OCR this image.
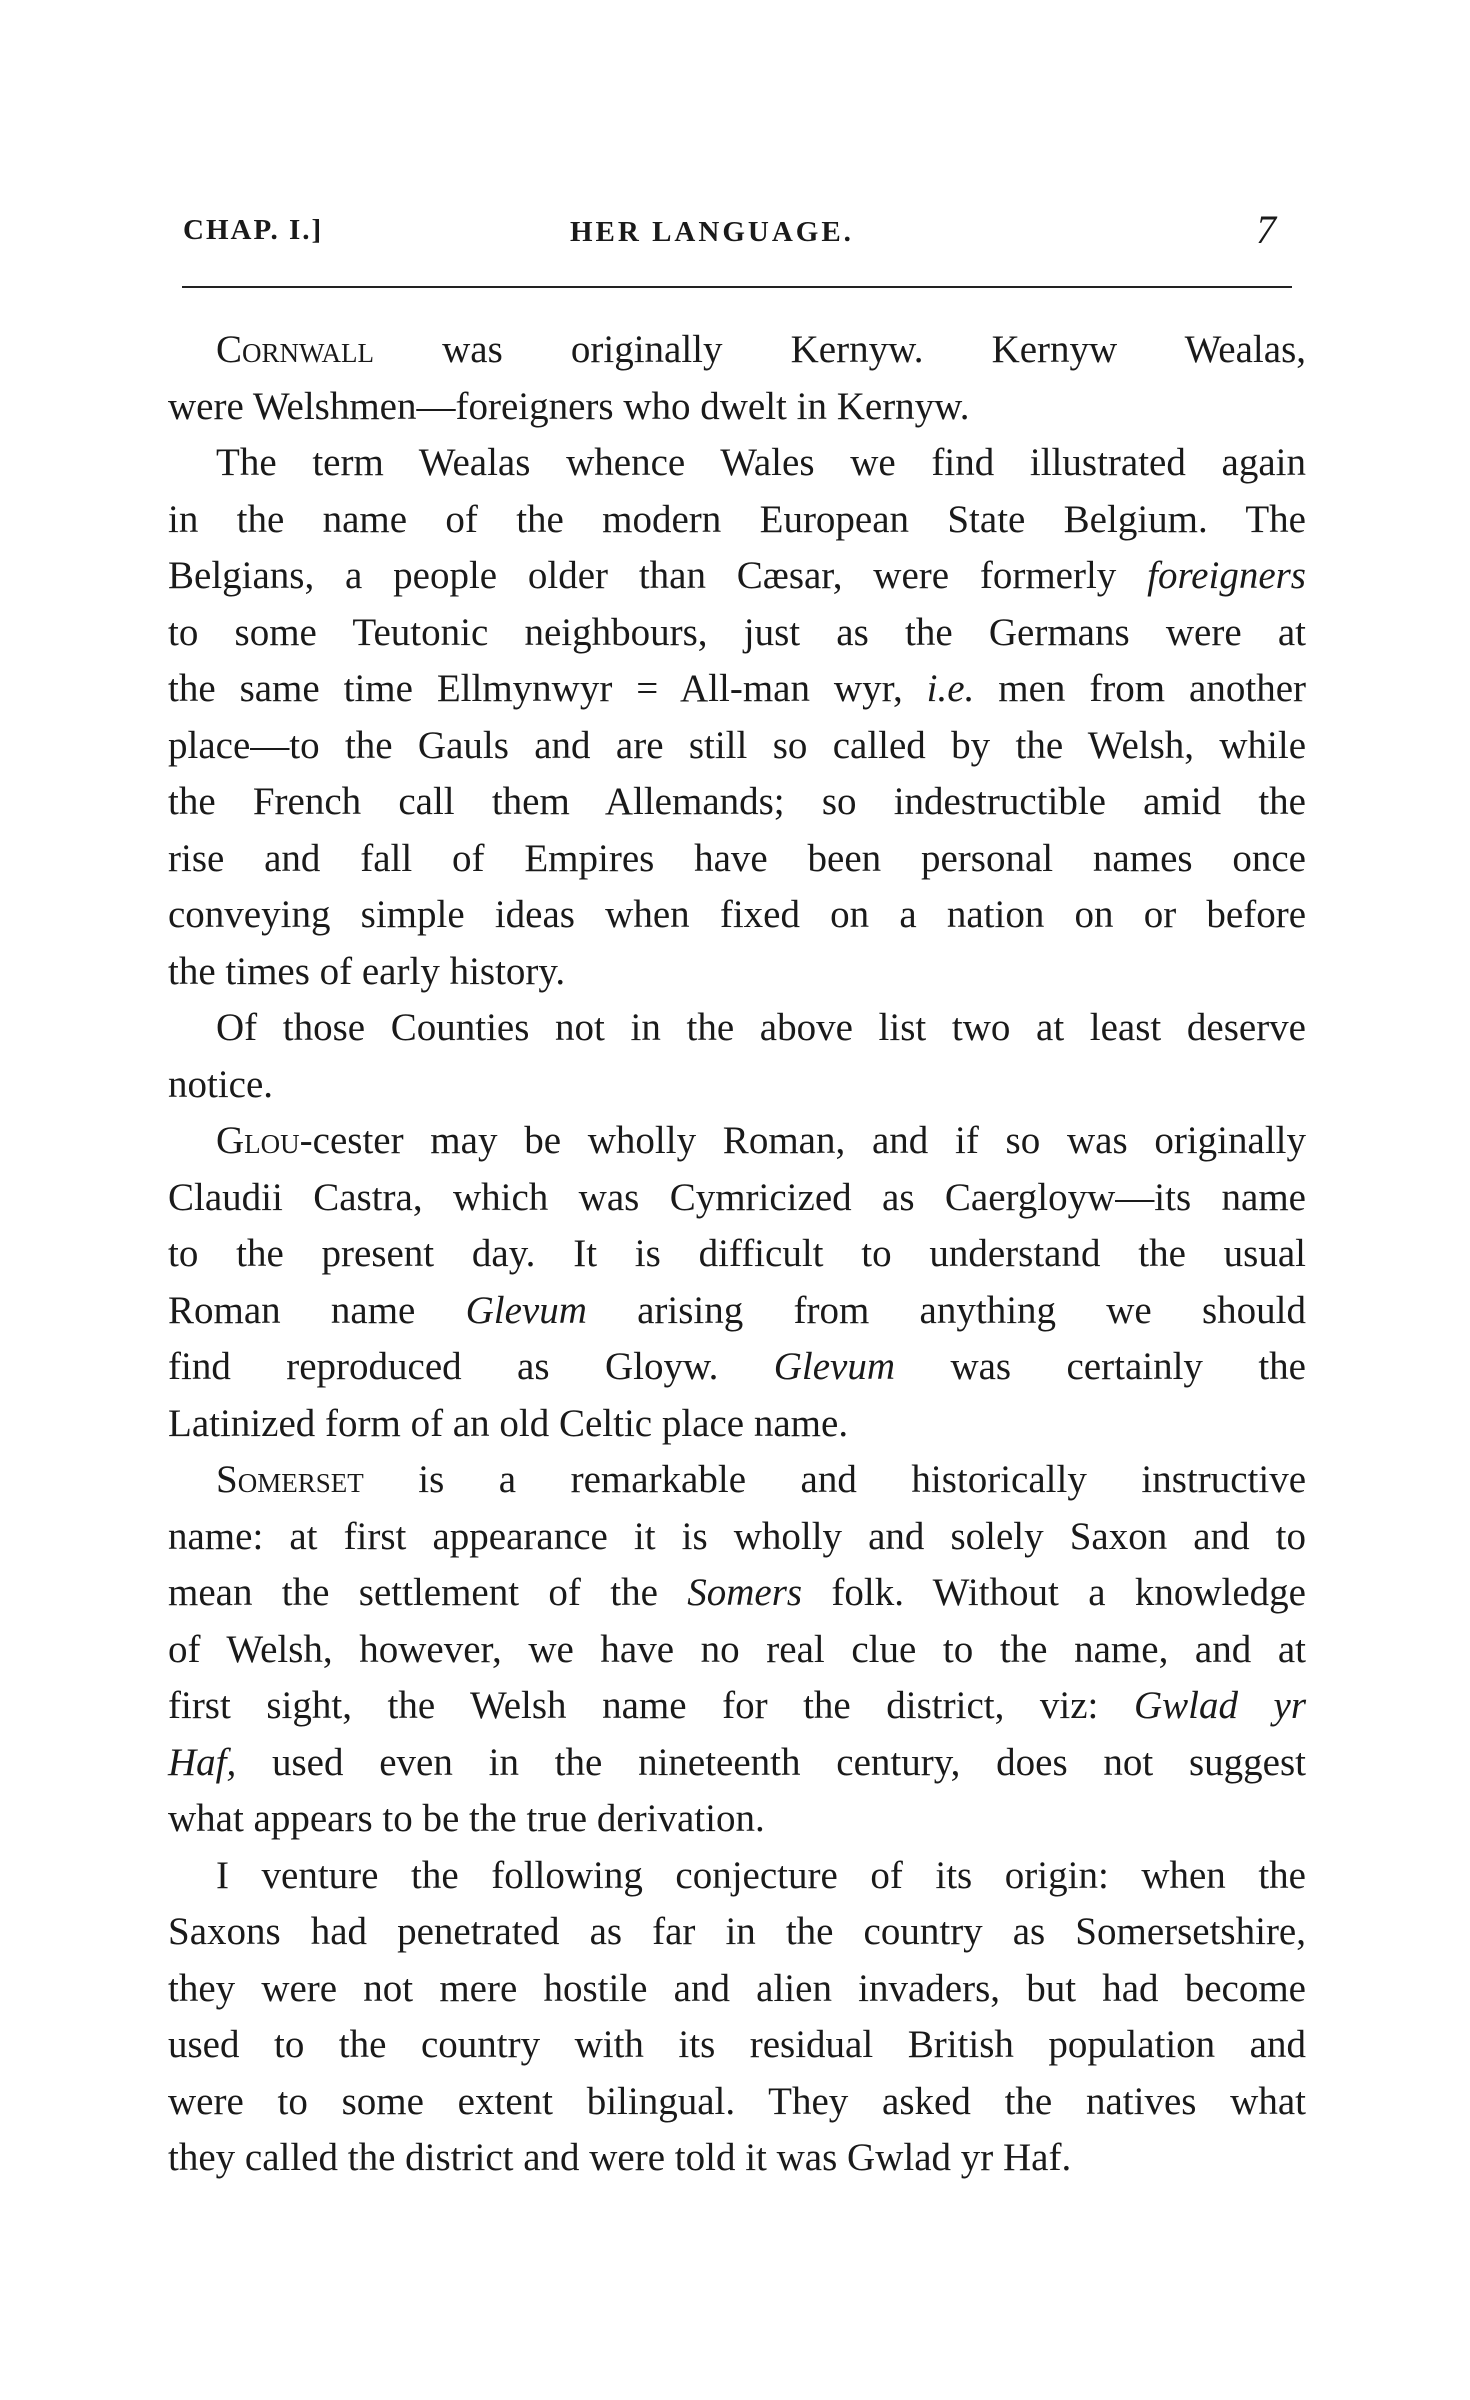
CHAP. I.]	HER LANGUAGE.	7
Cornwall was originally Kernyw. Kernyw Wealas,
were Welshmen—foreigners who dwelt in Kernyw.
The term Wealas whence Wales we find illustrated again
in the name of the modern European State Belgium. The
Belgians, a people older than Cæsar, were formerly foreigners
to some Teutonic neighbours, just as the Germans were at
the same time Ellmynwyr = All-man wyr, i.e. men from another
place—to the Gauls and are still so called by the Welsh, while
the French call them Allemands; so indestructible amid the
rise and fall of Empires have been personal names once
conveying simple ideas when fixed on a nation on or before
the times of early history.
Of those Counties not in the above list two at least deserve
notice.
Glou-cester may be wholly Roman, and if so was originally
Claudii Castra, which was Cymricized as Caergloyw—its name
to the present day. It is difficult to understand the usual
Roman name Glevum arising from anything we should
find reproduced as Gloyw. Glevum was certainly the
Latinized form of an old Celtic place name.
Somerset is a remarkable and historically instructive
name: at first appearance it is wholly and solely Saxon and to
mean the settlement of the Somers folk. Without a knowledge
of Welsh, however, we have no real clue to the name, and at
first sight, the Welsh name for the district, viz: Gwlad yr
Haf, used even in the nineteenth century, does not suggest
what appears to be the true derivation.
I venture the following conjecture of its origin: when the
Saxons had penetrated as far in the country as Somersetshire,
they were not mere hostile and alien invaders, but had become
used to the country with its residual British population and
were to some extent bilingual. They asked the natives what
they called the district and were told it was Gwlad yr Haf.
